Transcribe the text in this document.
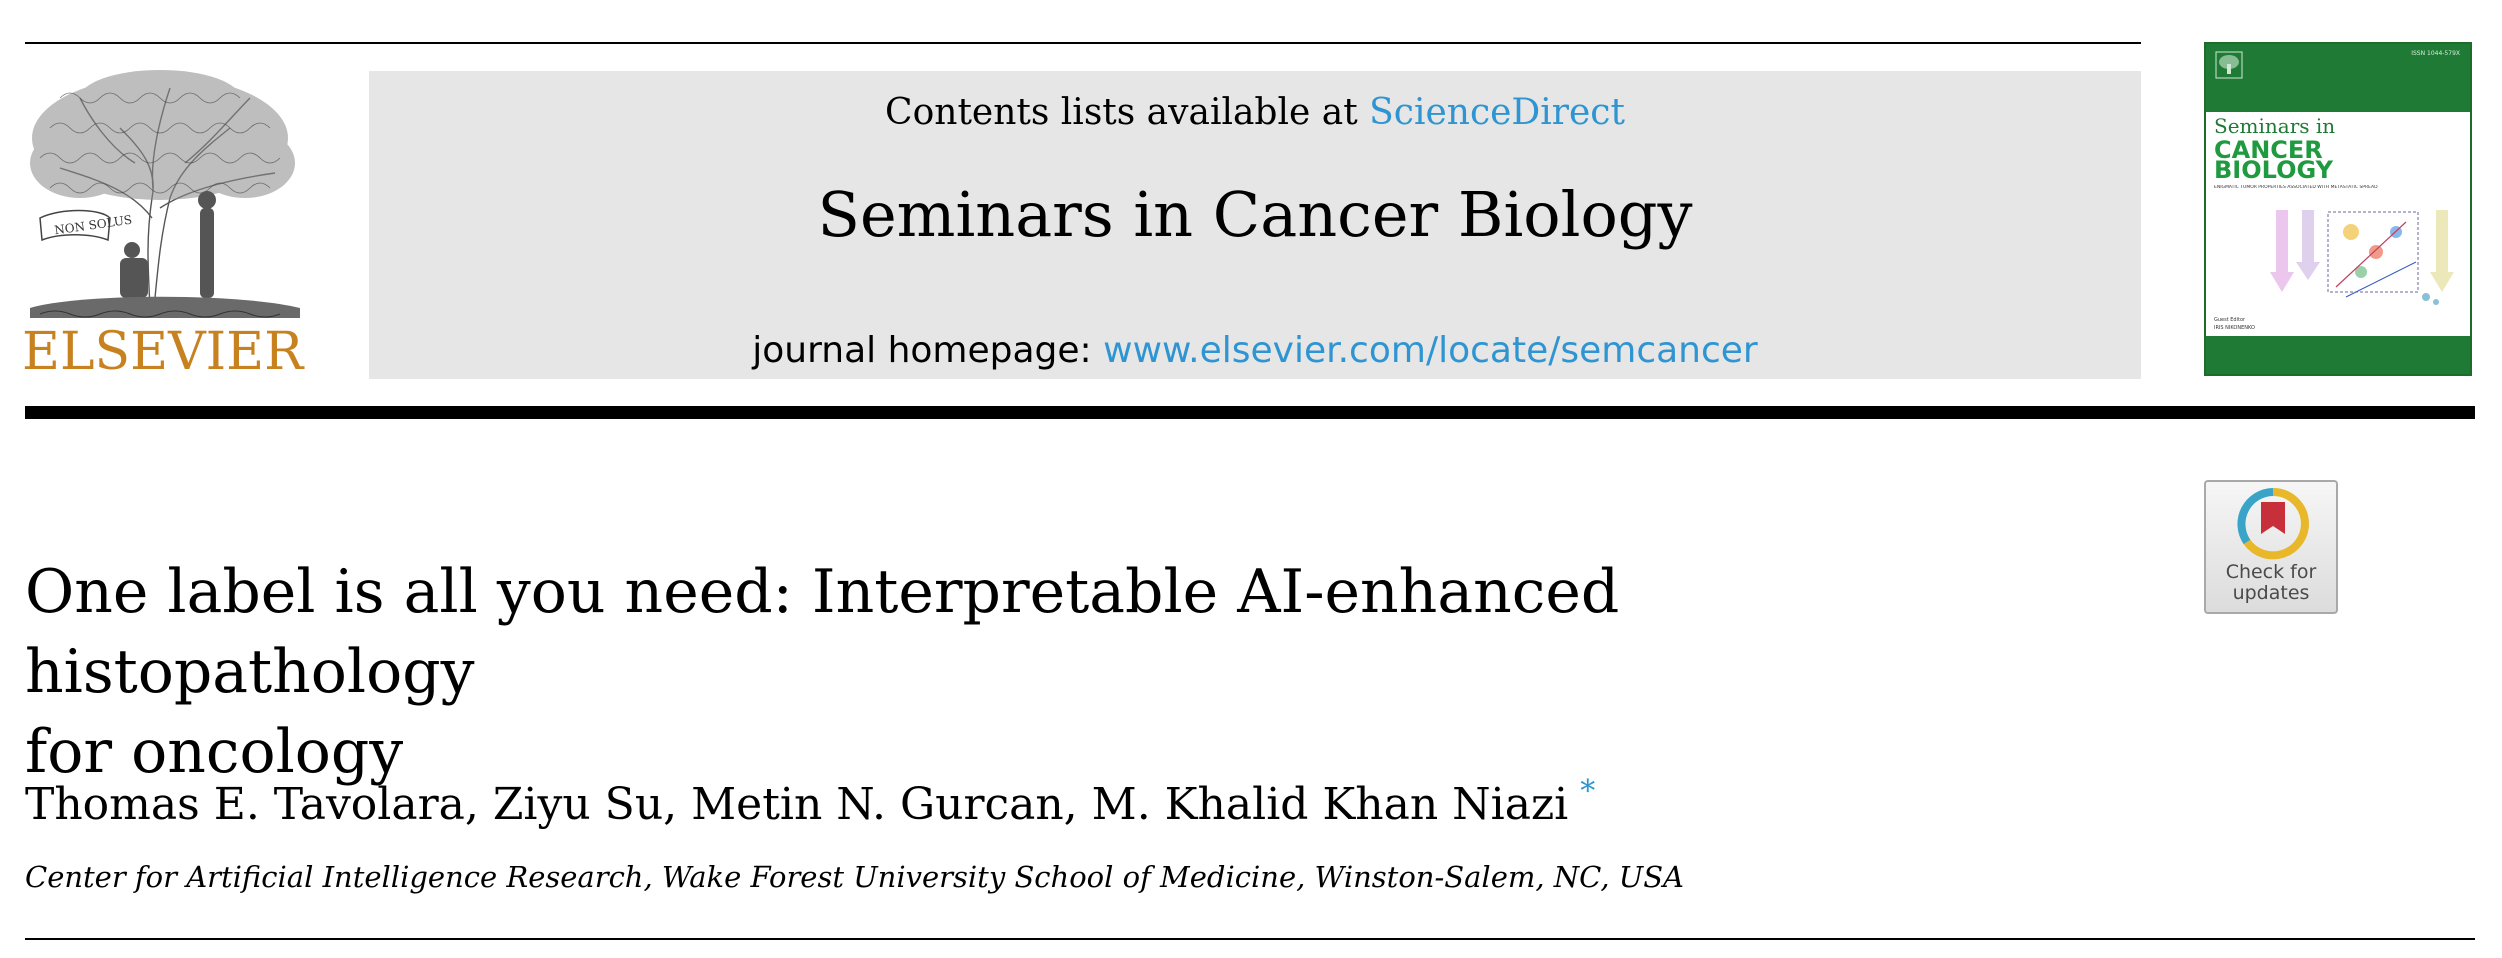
NON SOLUS
ELSEVIER
Contents lists available at ScienceDirect
Seminars in Cancer Biology
journal homepage: www.elsevier.com/locate/semcancer
ISSN 1044-579X
Seminars in
CANCER
BIOLOGY
ENIGMATIC TUMOR PROPERTIES ASSOCIATED WITH METASTATIC SPREAD
Guest Editor
IRIS NIKONENKO
Check for
updates
One label is all you need: Interpretable AI-enhanced histopathology
for oncology
Thomas E. Tavolara, Ziyu Su, Metin N. Gurcan, M. Khalid Khan Niazi *
Center for Artificial Intelligence Research, Wake Forest University School of Medicine, Winston-Salem, NC, USA
